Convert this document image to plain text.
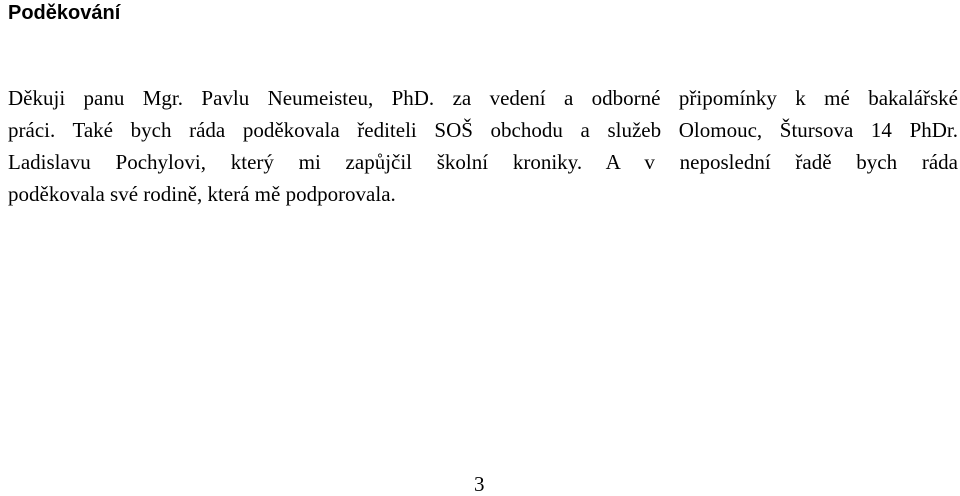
Poděkování

Děkuji panu Mgr. Pavlu Neumeisteu, PhD. za vedení a odborné připomínky k mé bakalářské
práci. Také bych ráda poděkovala řediteli SOŠ obchodu a služeb Olomouc, Štursova 14 PhDr.
Ladislavu Pochylovi, který mi zapůjčil školní kroniky. A v neposlední řadě bych ráda
poděkovala své rodině, která mě podporovala.

3
